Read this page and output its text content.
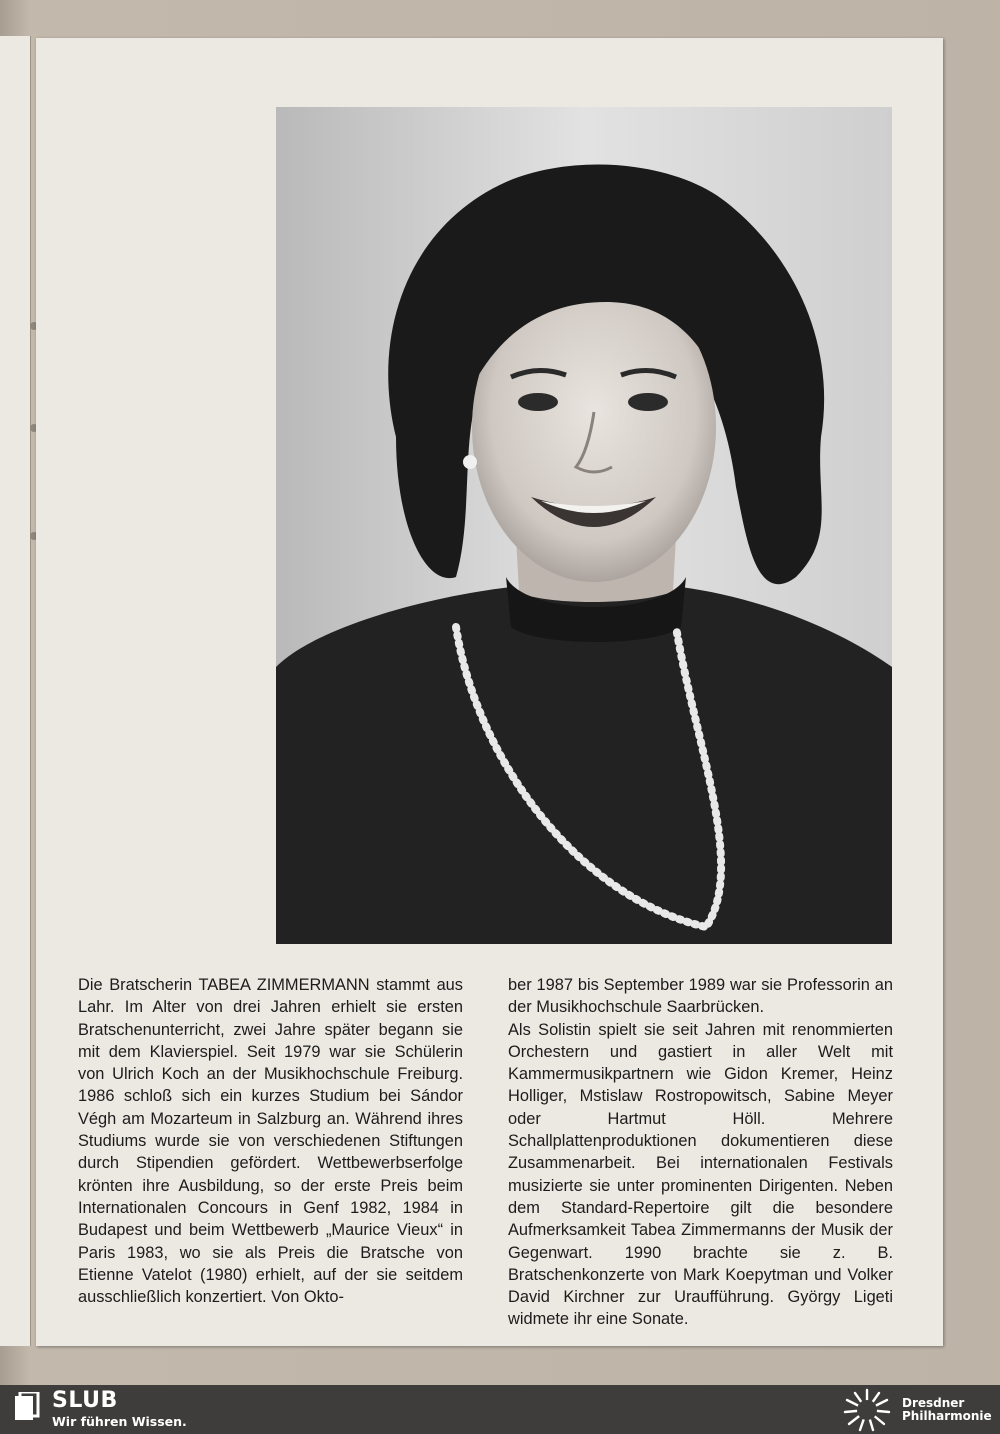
Die Bratscherin TABEA ZIMMERMANN stammt aus Lahr. Im Alter von drei Jahren erhielt sie ersten Bratschenunterricht, zwei Jahre später begann sie mit dem Klavierspiel. Seit 1979 war sie Schülerin von Ulrich Koch an der Musikhochschule Freiburg. 1986 schloß sich ein kurzes Studium bei Sándor Végh am Mozarteum in Salzburg an. Während ihres Studiums wurde sie von verschiedenen Stiftungen durch Stipendien gefördert. Wettbewerbserfolge krönten ihre Ausbildung, so der erste Preis beim Internationalen Concours in Genf 1982, 1984 in Budapest und beim Wettbewerb „Maurice Vieux“ in Paris 1983, wo sie als Preis die Bratsche von Etienne Vatelot (1980) erhielt, auf der sie seitdem ausschließlich konzertiert. Von Okto-

ber 1987 bis September 1989 war sie Professorin an der Musikhochschule Saarbrücken.

Als Solistin spielt sie seit Jahren mit renommierten Orchestern und gastiert in aller Welt mit Kammermusikpartnern wie Gidon Kremer, Heinz Holliger, Mstislaw Rostropowitsch, Sabine Meyer oder Hartmut Höll. Mehrere Schallplattenproduktionen dokumentieren diese Zusammenarbeit. Bei internationalen Festivals musizierte sie unter prominenten Dirigenten. Neben dem Standard-Repertoire gilt die besondere Aufmerksamkeit Tabea Zimmermanns der Musik der Gegenwart. 1990 brachte sie z. B. Bratschenkonzerte von Mark Koepytman und Volker David Kirchner zur Uraufführung. György Ligeti widmete ihr eine Sonate.

SLUB
Wir führen Wissen.
Dresdner
Philharmonie
